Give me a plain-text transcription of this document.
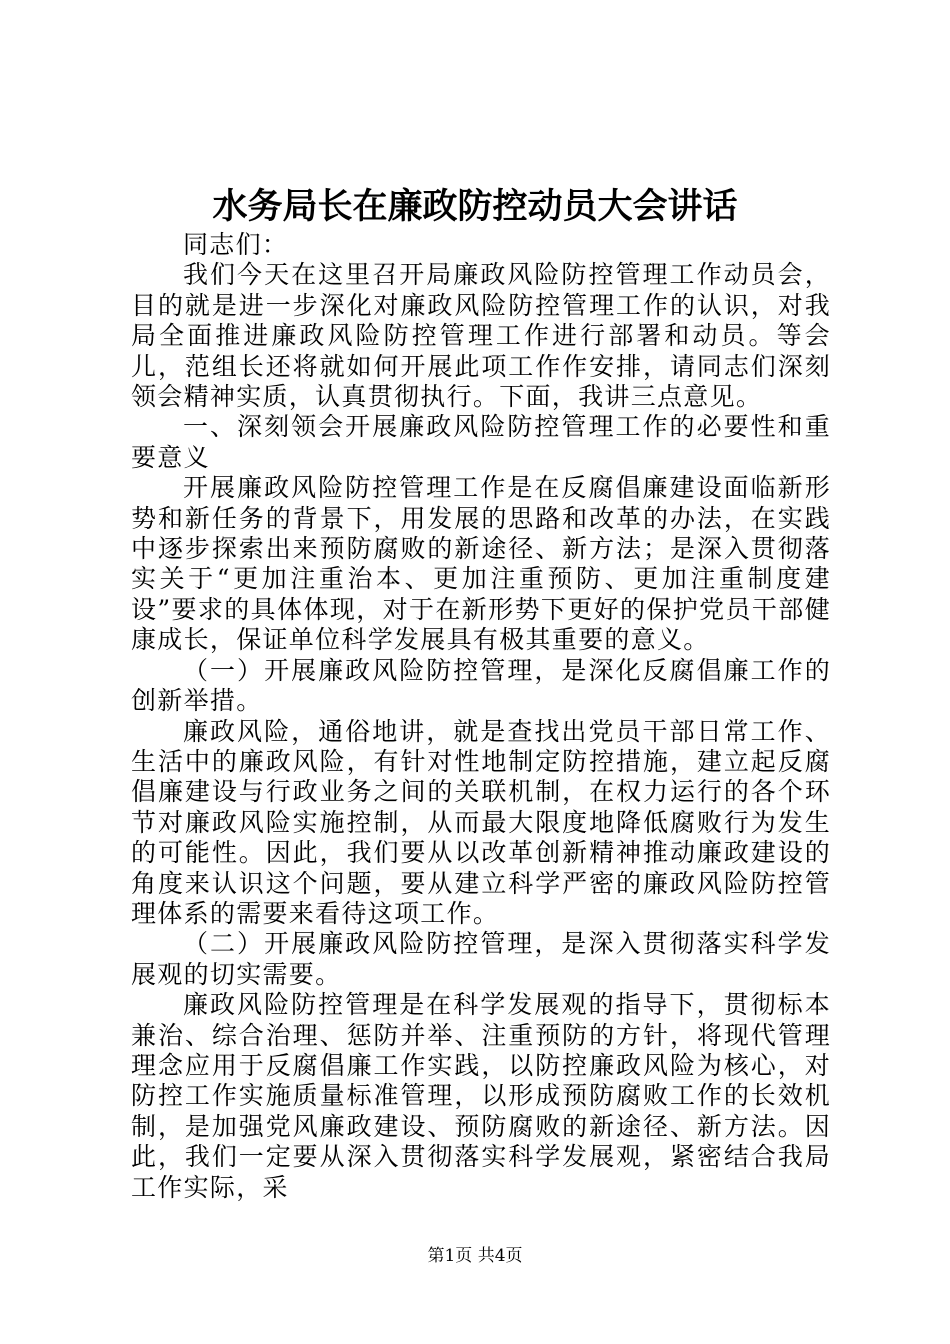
水务局长在廉政防控动员大会讲话

同志们：

我们今天在这里召开局廉政风险防控管理工作动员会，目的就是进一步深化对廉政风险防控管理工作的认识，对我局全面推进廉政风险防控管理工作进行部署和动员。等会儿，范组长还将就如何开展此项工作作安排，请同志们深刻领会精神实质，认真贯彻执行。下面，我讲三点意见。

一、深刻领会开展廉政风险防控管理工作的必要性和重要意义

开展廉政风险防控管理工作是在反腐倡廉建设面临新形势和新任务的背景下，用发展的思路和改革的办法，在实践中逐步探索出来预防腐败的新途径、新方法；是深入贯彻落实关于“更加注重治本、更加注重预防、更加注重制度建设”要求的具体体现，对于在新形势下更好的保护党员干部健康成长，保证单位科学发展具有极其重要的意义。

（一）开展廉政风险防控管理，是深化反腐倡廉工作的创新举措。

廉政风险，通俗地讲，就是查找出党员干部日常工作、生活中的廉政风险，有针对性地制定防控措施，建立起反腐倡廉建设与行政业务之间的关联机制，在权力运行的各个环节对廉政风险实施控制，从而最大限度地降低腐败行为发生的可能性。因此，我们要从以改革创新精神推动廉政建设的角度来认识这个问题，要从建立科学严密的廉政风险防控管理体系的需要来看待这项工作。

（二）开展廉政风险防控管理，是深入贯彻落实科学发展观的切实需要。

廉政风险防控管理是在科学发展观的指导下，贯彻标本兼治、综合治理、惩防并举、注重预防的方针，将现代管理理念应用于反腐倡廉工作实践，以防控廉政风险为核心，对防控工作实施质量标准管理，以形成预防腐败工作的长效机制，是加强党风廉政建设、预防腐败的新途径、新方法。因此，我们一定要从深入贯彻落实科学发展观，紧密结合我局工作实际，采

第1页 共4页
